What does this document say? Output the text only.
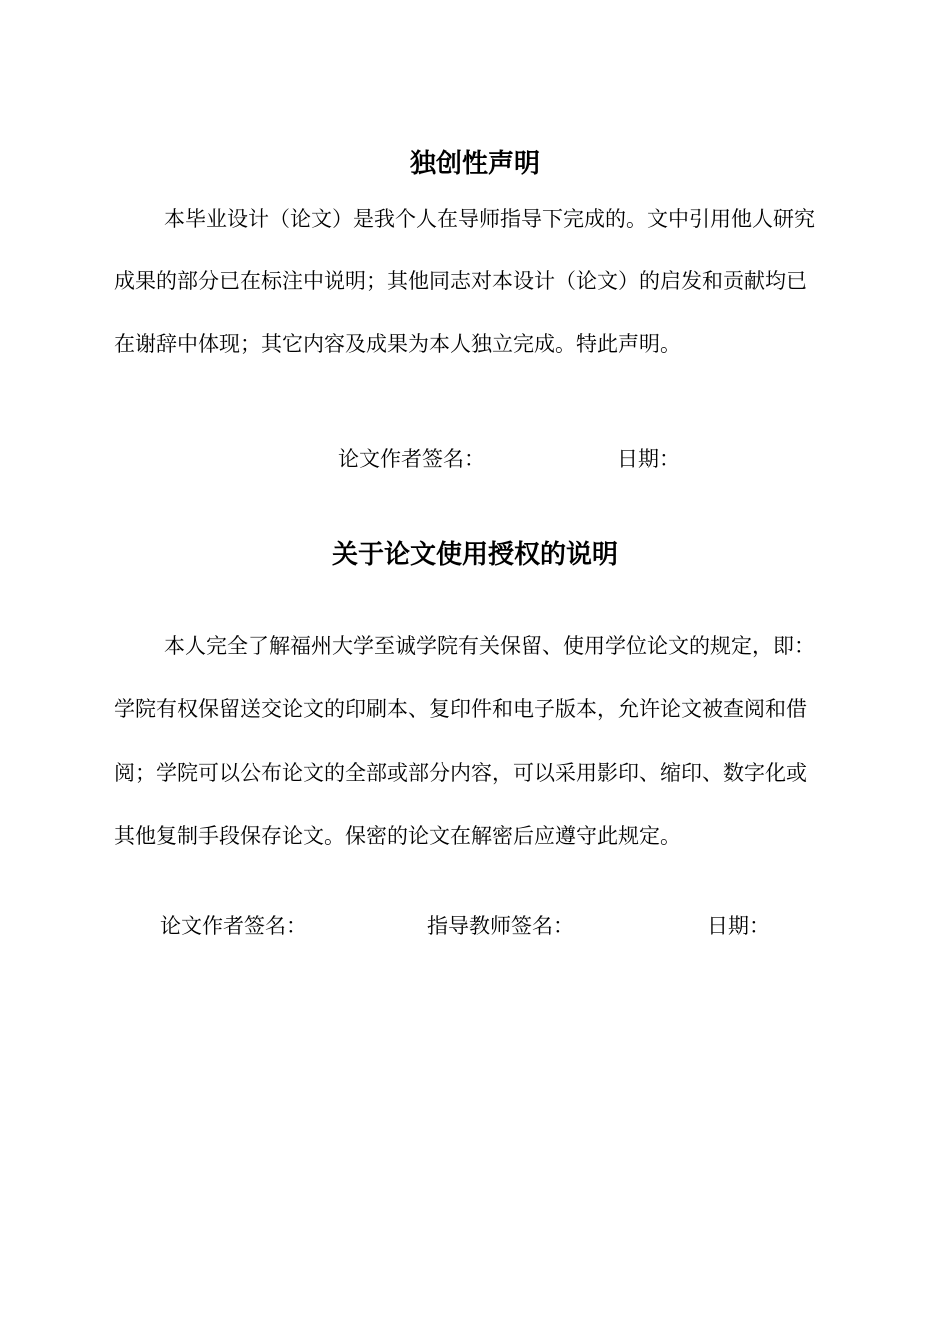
独创性声明
本毕业设计（论文）是我个人在导师指导下完成的。文中引用他人研究
成果的部分已在标注中说明；其他同志对本设计（论文）的启发和贡献均已
在谢辞中体现；其它内容及成果为本人独立完成。特此声明。
论文作者签名：	日期：
关于论文使用授权的说明
本人完全了解福州大学至诚学院有关保留、使用学位论文的规定，即：
学院有权保留送交论文的印刷本、复印件和电子版本，允许论文被查阅和借
阅；学院可以公布论文的全部或部分内容，可以采用影印、缩印、数字化或
其他复制手段保存论文。保密的论文在解密后应遵守此规定。
论文作者签名：	指导教师签名：	日期：
